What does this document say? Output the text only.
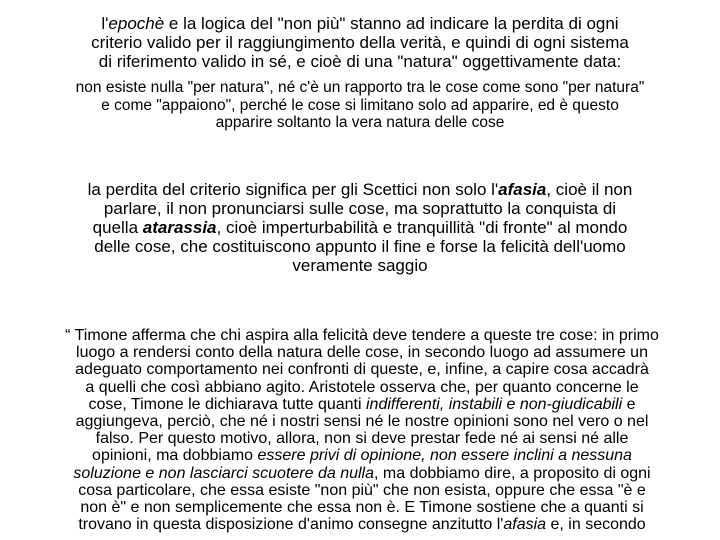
l'epochè e la logica del "non più" stanno ad indicare la perdita di ogni
criterio valido per il raggiungimento della verità, e quindi di ogni sistema
di riferimento valido in sé, e cioè di una "natura" oggettivamente data:
non esiste nulla "per natura", né c'è un rapporto tra le cose come sono "per natura"
e come "appaiono", perché le cose si limitano solo ad apparire, ed è questo
apparire soltanto la vera natura delle cose
la perdita del criterio significa per gli Scettici non solo l'afasia, cioè il non
parlare, il non pronunciarsi sulle cose, ma soprattutto la conquista di
quella atarassia, cioè imperturbabilità e tranquillità "di fronte" al mondo
delle cose, che costituiscono appunto il fine e forse la felicità dell'uomo
veramente saggio
“ Timone afferma che chi aspira alla felicità deve tendere a queste tre cose: in primo
luogo a rendersi conto della natura delle cose, in secondo luogo ad assumere un
adeguato comportamento nei confronti di queste, e, infine, a capire cosa accadrà
a quelli che così abbiano agito. Aristotele osserva che, per quanto concerne le
cose, Timone le dichiarava tutte quanti indifferenti, instabili e non-giudicabili e
aggiungeva, perciò, che né i nostri sensi né le nostre opinioni sono nel vero o nel
falso. Per questo motivo, allora, non si deve prestar fede né ai sensi né alle
opinioni, ma dobbiamo essere privi di opinione, non essere inclini a nessuna
soluzione e non lasciarci scuotere da nulla, ma dobbiamo dire, a proposito di ogni
cosa particolare, che essa esiste "non più" che non esista, oppure che essa "è e
non è" e non semplicemente che essa non è. E Timone sostiene che a quanti si
trovano in questa disposizione d'animo consegne anzitutto l'afasia e, in secondo
